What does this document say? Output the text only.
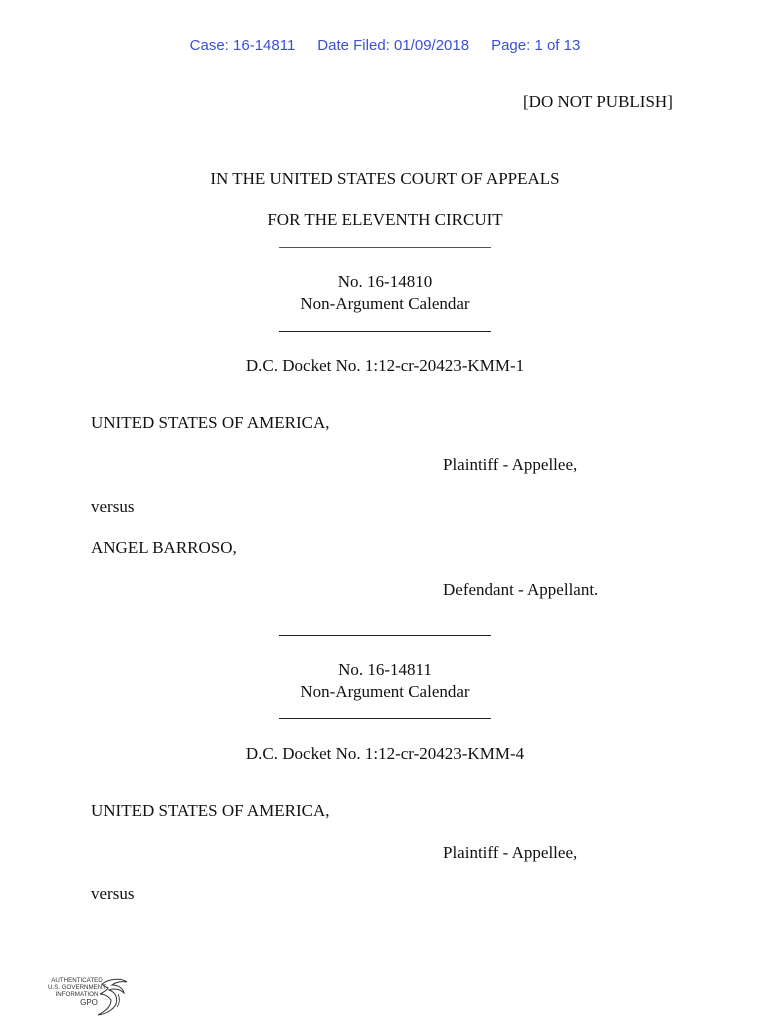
Case: 16-14811 Date Filed: 01/09/2018 Page: 1 of 13
[DO NOT PUBLISH]
IN THE UNITED STATES COURT OF APPEALS
FOR THE ELEVENTH CIRCUIT
No. 16-14810
Non-Argument Calendar
D.C. Docket No. 1:12-cr-20423-KMM-1
UNITED STATES OF AMERICA,
Plaintiff - Appellee,
versus
ANGEL BARROSO,
Defendant - Appellant.
No. 16-14811
Non-Argument Calendar
D.C. Docket No. 1:12-cr-20423-KMM-4
UNITED STATES OF AMERICA,
Plaintiff - Appellee,
versus
AUTHENTICATED
U.S. GOVERNMENT
INFORMATION
GPO
